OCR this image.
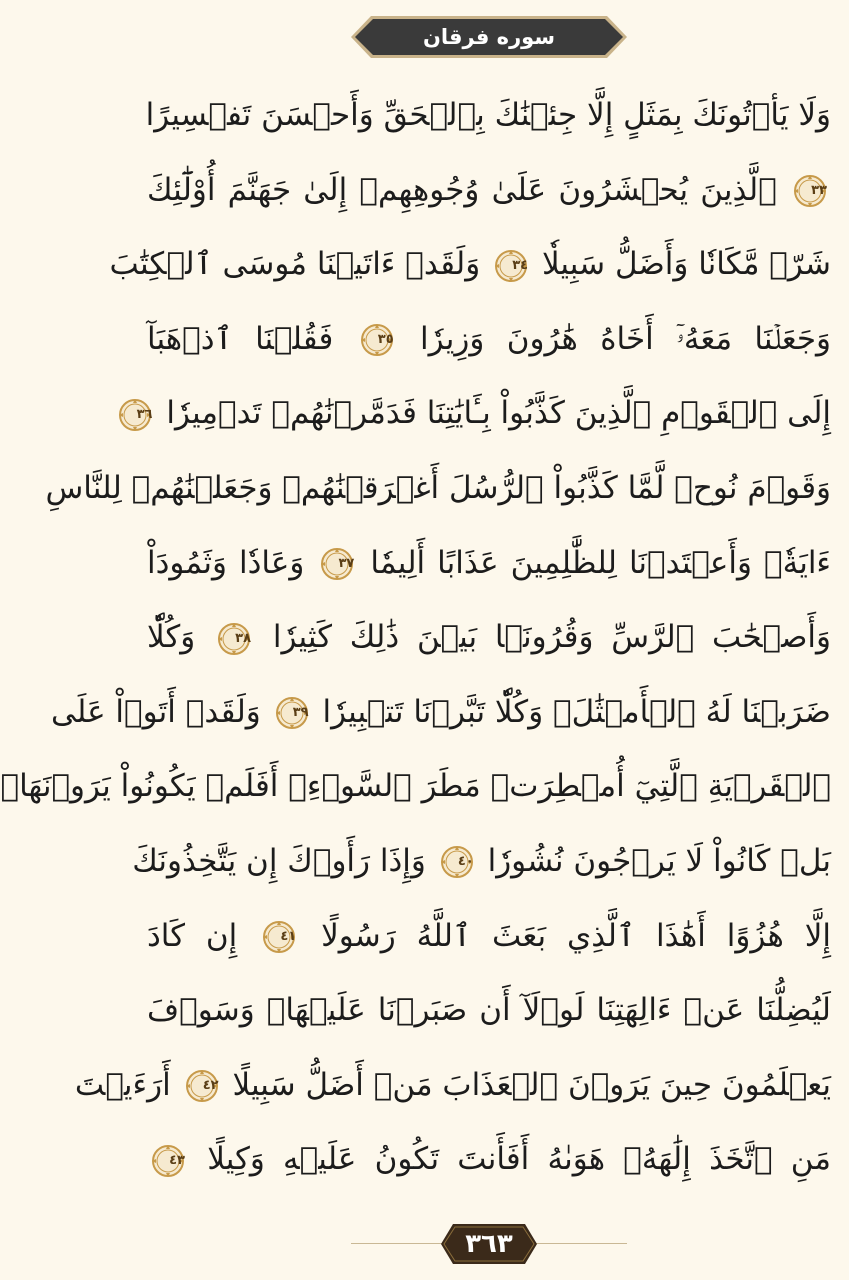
سوره فرقان
وَلَا يَأۡتُونَكَ بِمَثَلٍ إِلَّا جِئۡنَٰكَ بِٱلۡحَقِّ وَأَحۡسَنَ تَفۡسِيرًا
٣٣
ٱلَّذِينَ يُحۡشَرُونَ عَلَىٰ وُجُوهِهِمۡ إِلَىٰ جَهَنَّمَ أُوْلَٰٓئِكَ
شَرّٞ مَّكَانٗا وَأَضَلُّ سَبِيلٗا
٣٤
وَلَقَدۡ ءَاتَيۡنَا مُوسَى ٱلۡكِتَٰبَ
وَجَعَلۡنَا مَعَهُۥٓ أَخَاهُ هَٰرُونَ وَزِيرٗا
٣٥
فَقُلۡنَا ٱذۡهَبَآ
إِلَى ٱلۡقَوۡمِ ٱلَّذِينَ كَذَّبُواْ بِـَٔايَٰتِنَا فَدَمَّرۡنَٰهُمۡ تَدۡمِيرٗا
٣٦
وَقَوۡمَ نُوحٖ لَّمَّا كَذَّبُواْ ٱلرُّسُلَ أَغۡرَقۡنَٰهُمۡ وَجَعَلۡنَٰهُمۡ لِلنَّاسِ
ءَايَةٗۖ وَأَعۡتَدۡنَا لِلظَّٰلِمِينَ عَذَابًا أَلِيمٗا
٣٧
وَعَادٗا وَثَمُودَاْ
وَأَصۡحَٰبَ ٱلرَّسِّ وَقُرُونَۢا بَيۡنَ ذَٰلِكَ كَثِيرٗا
٣٨
وَكُلّٗا
ضَرَبۡنَا لَهُ ٱلۡأَمۡثَٰلَۖ وَكُلّٗا تَبَّرۡنَا تَتۡبِيرٗا
٣٩
وَلَقَدۡ أَتَوۡاْ عَلَى
ٱلۡقَرۡيَةِ ٱلَّتِيٓ أُمۡطِرَتۡ مَطَرَ ٱلسَّوۡءِۚ أَفَلَمۡ يَكُونُواْ يَرَوۡنَهَاۚ
بَلۡ كَانُواْ لَا يَرۡجُونَ نُشُورٗا
٤٠
وَإِذَا رَأَوۡكَ إِن يَتَّخِذُونَكَ
إِلَّا هُزُوًا أَهَٰذَا ٱلَّذِي بَعَثَ ٱللَّهُ رَسُولًا
٤١
إِن كَادَ
لَيُضِلُّنَا عَنۡ ءَالِهَتِنَا لَوۡلَآ أَن صَبَرۡنَا عَلَيۡهَاۚ وَسَوۡفَ
يَعۡلَمُونَ حِينَ يَرَوۡنَ ٱلۡعَذَابَ مَنۡ أَضَلُّ سَبِيلًا
٤٢
أَرَءَيۡتَ
مَنِ ٱتَّخَذَ إِلَٰهَهُۥ هَوَىٰهُ أَفَأَنتَ تَكُونُ عَلَيۡهِ وَكِيلًا
٤٣
٣٦٣
